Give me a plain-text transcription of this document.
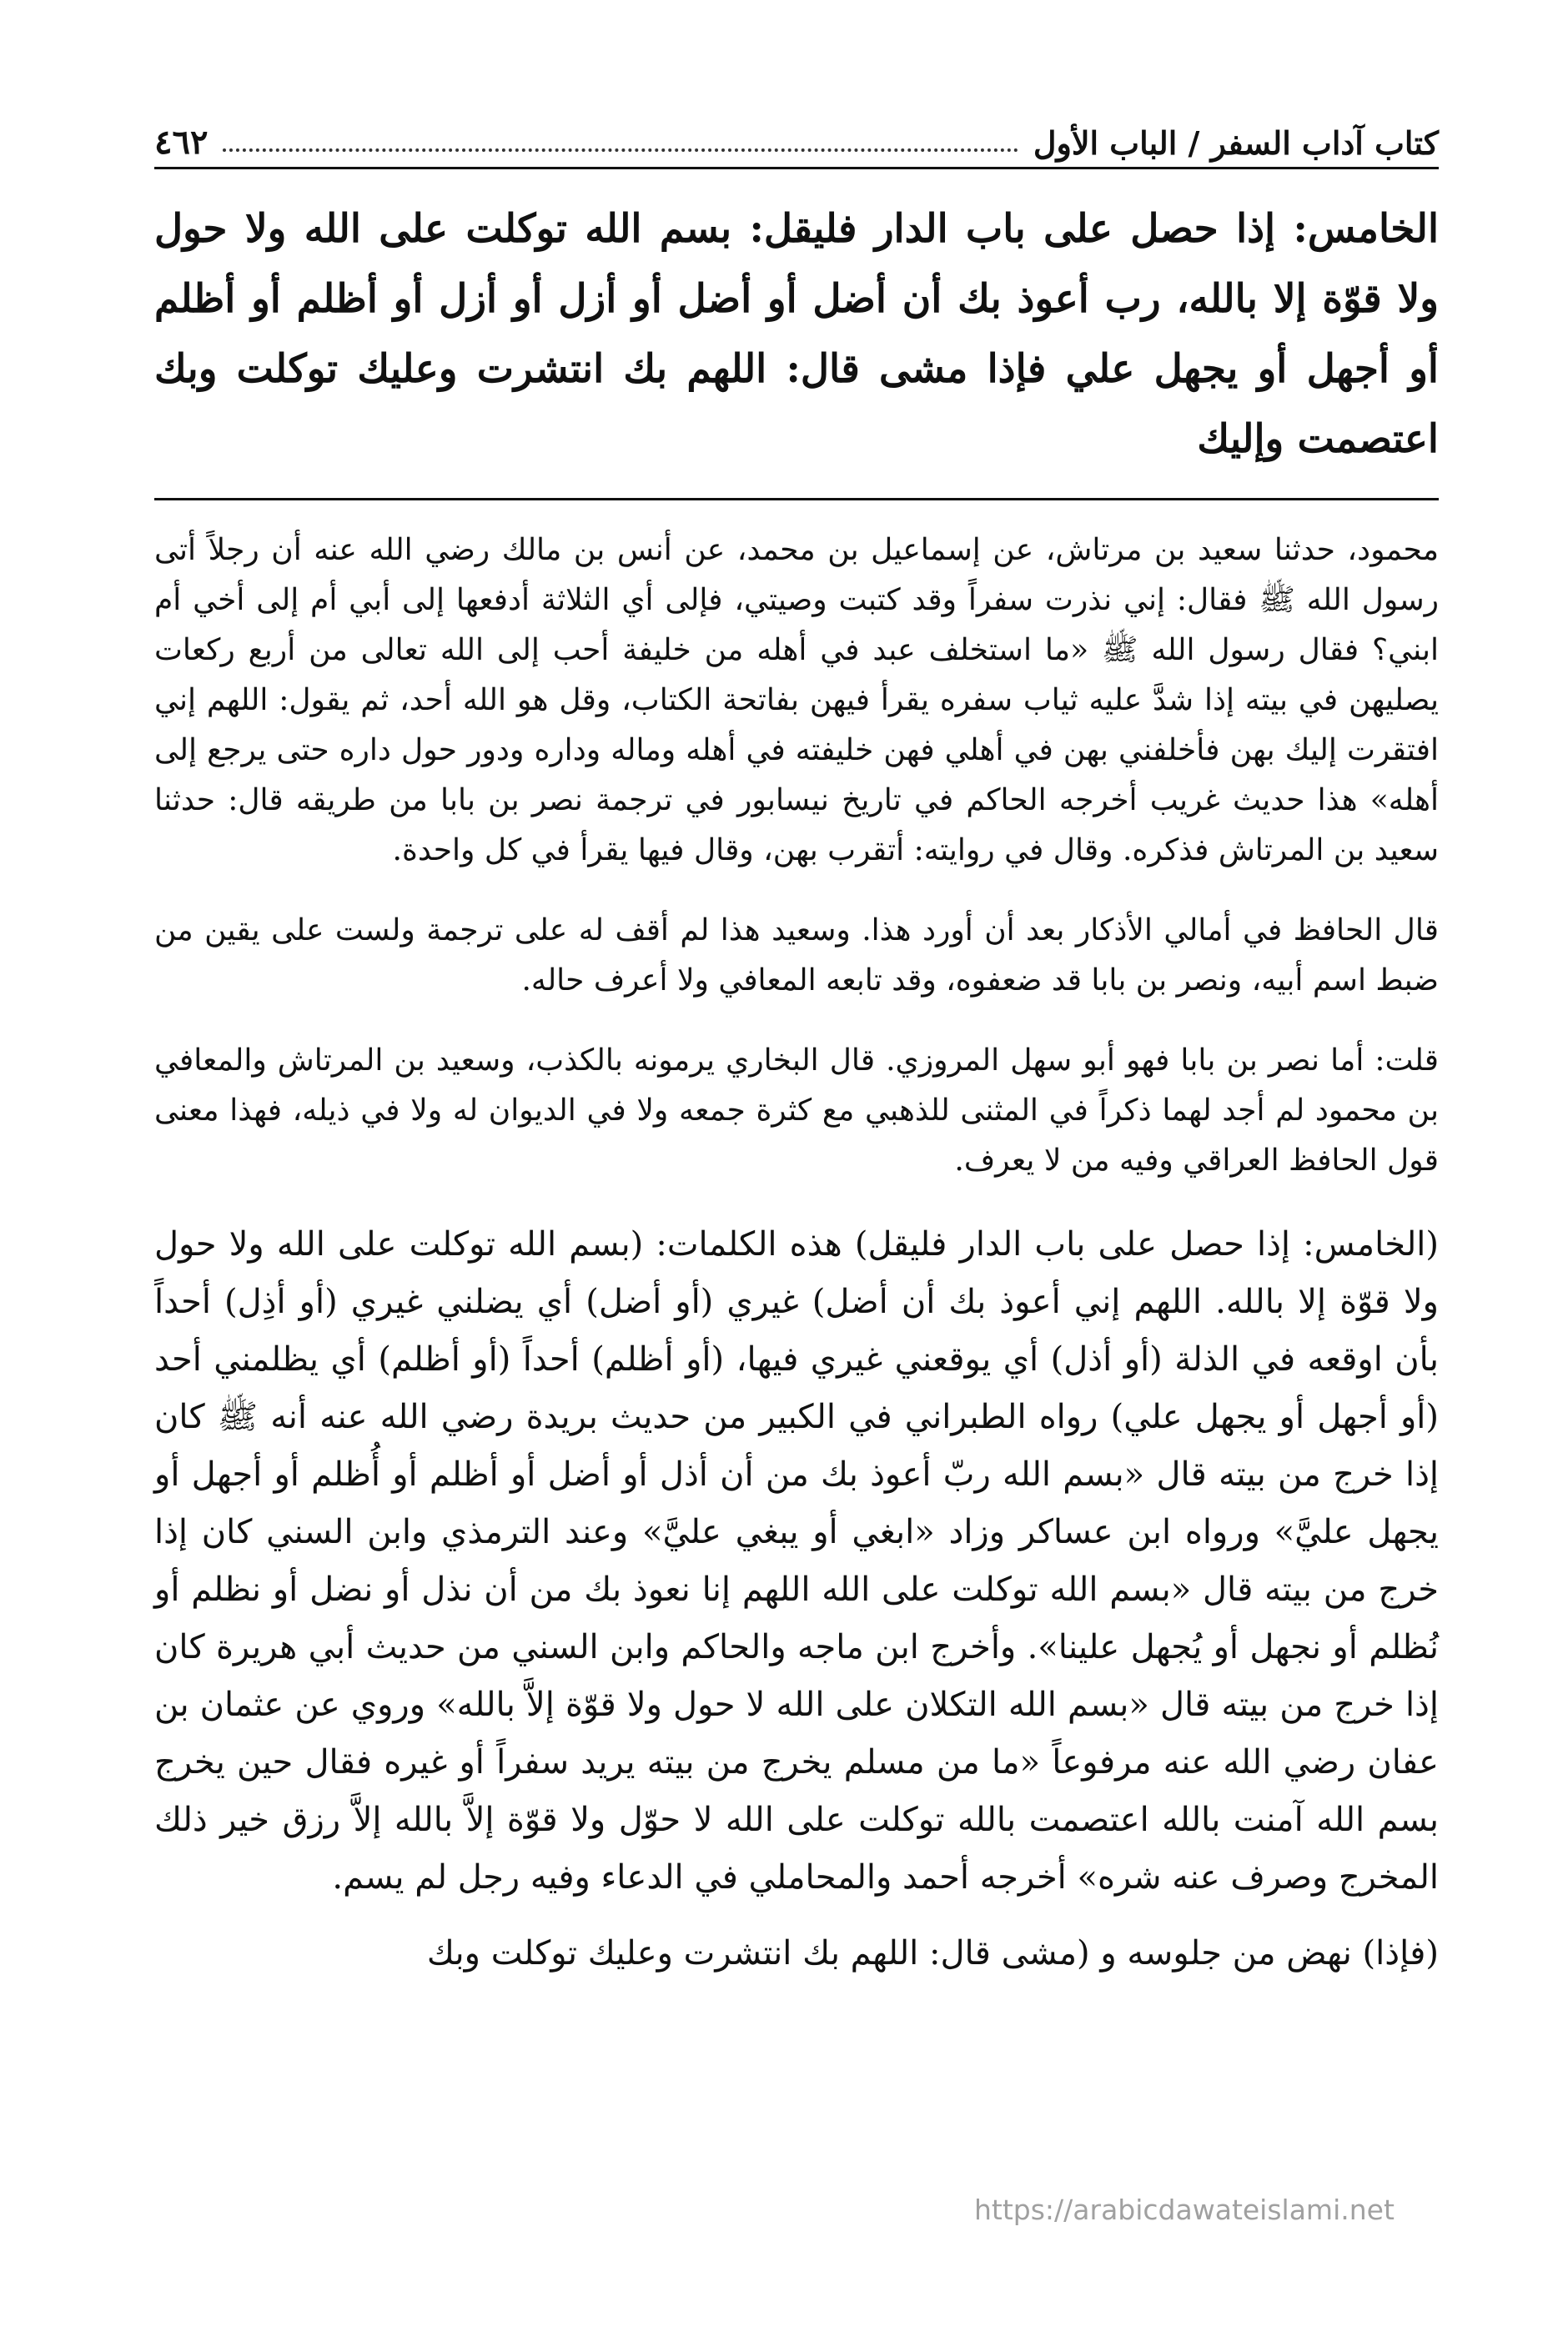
كتاب آداب السفر / الباب الأول
٤٦٢
الخامس: إذا حصل على باب الدار فليقل: بسم الله توكلت على الله ولا حول ولا قوّة إلا بالله، رب أعوذ بك أن أضل أو أضل أو أزل أو أزل أو أظلم أو أظلم أو أجهل أو يجهل علي فإذا مشى قال: اللهم بك انتشرت وعليك توكلت وبك اعتصمت وإليك

محمود، حدثنا سعيد بن مرتاش، عن إسماعيل بن محمد، عن أنس بن مالك رضي الله عنه أن رجلاً أتى رسول الله ﷺ فقال: إني نذرت سفراً وقد كتبت وصيتي، فإلى أي الثلاثة أدفعها إلى أبي أم إلى أخي أم ابني؟ فقال رسول الله ﷺ «ما استخلف عبد في أهله من خليفة أحب إلى الله تعالى من أربع ركعات يصليهن في بيته إذا شدَّ عليه ثياب سفره يقرأ فيهن بفاتحة الكتاب، وقل هو الله أحد، ثم يقول: اللهم إني افتقرت إليك بهن فأخلفني بهن في أهلي فهن خليفته في أهله وماله وداره ودور حول داره حتى يرجع إلى أهله» هذا حديث غريب أخرجه الحاكم في تاريخ نيسابور في ترجمة نصر بن بابا من طريقه قال: حدثنا سعيد بن المرتاش فذكره. وقال في روايته: أتقرب بهن، وقال فيها يقرأ في كل واحدة.

قال الحافظ في أمالي الأذكار بعد أن أورد هذا. وسعيد هذا لم أقف له على ترجمة ولست على يقين من ضبط اسم أبيه، ونصر بن بابا قد ضعفوه، وقد تابعه المعافي ولا أعرف حاله.

قلت: أما نصر بن بابا فهو أبو سهل المروزي. قال البخاري يرمونه بالكذب، وسعيد بن المرتاش والمعافي بن محمود لم أجد لهما ذكراً في المثنى للذهبي مع كثرة جمعه ولا في الديوان له ولا في ذيله، فهذا معنى قول الحافظ العراقي وفيه من لا يعرف.

(الخامس: إذا حصل على باب الدار فليقل) هذه الكلمات: (بسم الله توكلت على الله ولا حول ولا قوّة إلا بالله. اللهم إني أعوذ بك أن أضل) غيري (أو أضل) أي يضلني غيري (أو أذِل) أحداً بأن اوقعه في الذلة (أو أذل) أي يوقعني غيري فيها، (أو أظلم) أحداً (أو أظلم) أي يظلمني أحد (أو أجهل أو يجهل علي) رواه الطبراني في الكبير من حديث بريدة رضي الله عنه أنه ﷺ كان إذا خرج من بيته قال «بسم الله ربّ أعوذ بك من أن أذل أو أضل أو أظلم أو أُظلم أو أجهل أو يجهل عليَّ» ورواه ابن عساكر وزاد «ابغي أو يبغي عليَّ» وعند الترمذي وابن السني كان إذا خرج من بيته قال «بسم الله توكلت على الله اللهم إنا نعوذ بك من أن نذل أو نضل أو نظلم أو نُظلم أو نجهل أو يُجهل علينا». وأخرج ابن ماجه والحاكم وابن السني من حديث أبي هريرة كان إذا خرج من بيته قال «بسم الله التكلان على الله لا حول ولا قوّة إلاَّ بالله» وروي عن عثمان بن عفان رضي الله عنه مرفوعاً «ما من مسلم يخرج من بيته يريد سفراً أو غيره فقال حين يخرج بسم الله آمنت بالله اعتصمت بالله توكلت على الله لا حوّل ولا قوّة إلاَّ بالله إلاَّ رزق خير ذلك المخرج وصرف عنه شره» أخرجه أحمد والمحاملي في الدعاء وفيه رجل لم يسم.

(فإذا) نهض من جلوسه و (مشى قال: اللهم بك انتشرت وعليك توكلت وبك

https://arabicdawateislami.net
